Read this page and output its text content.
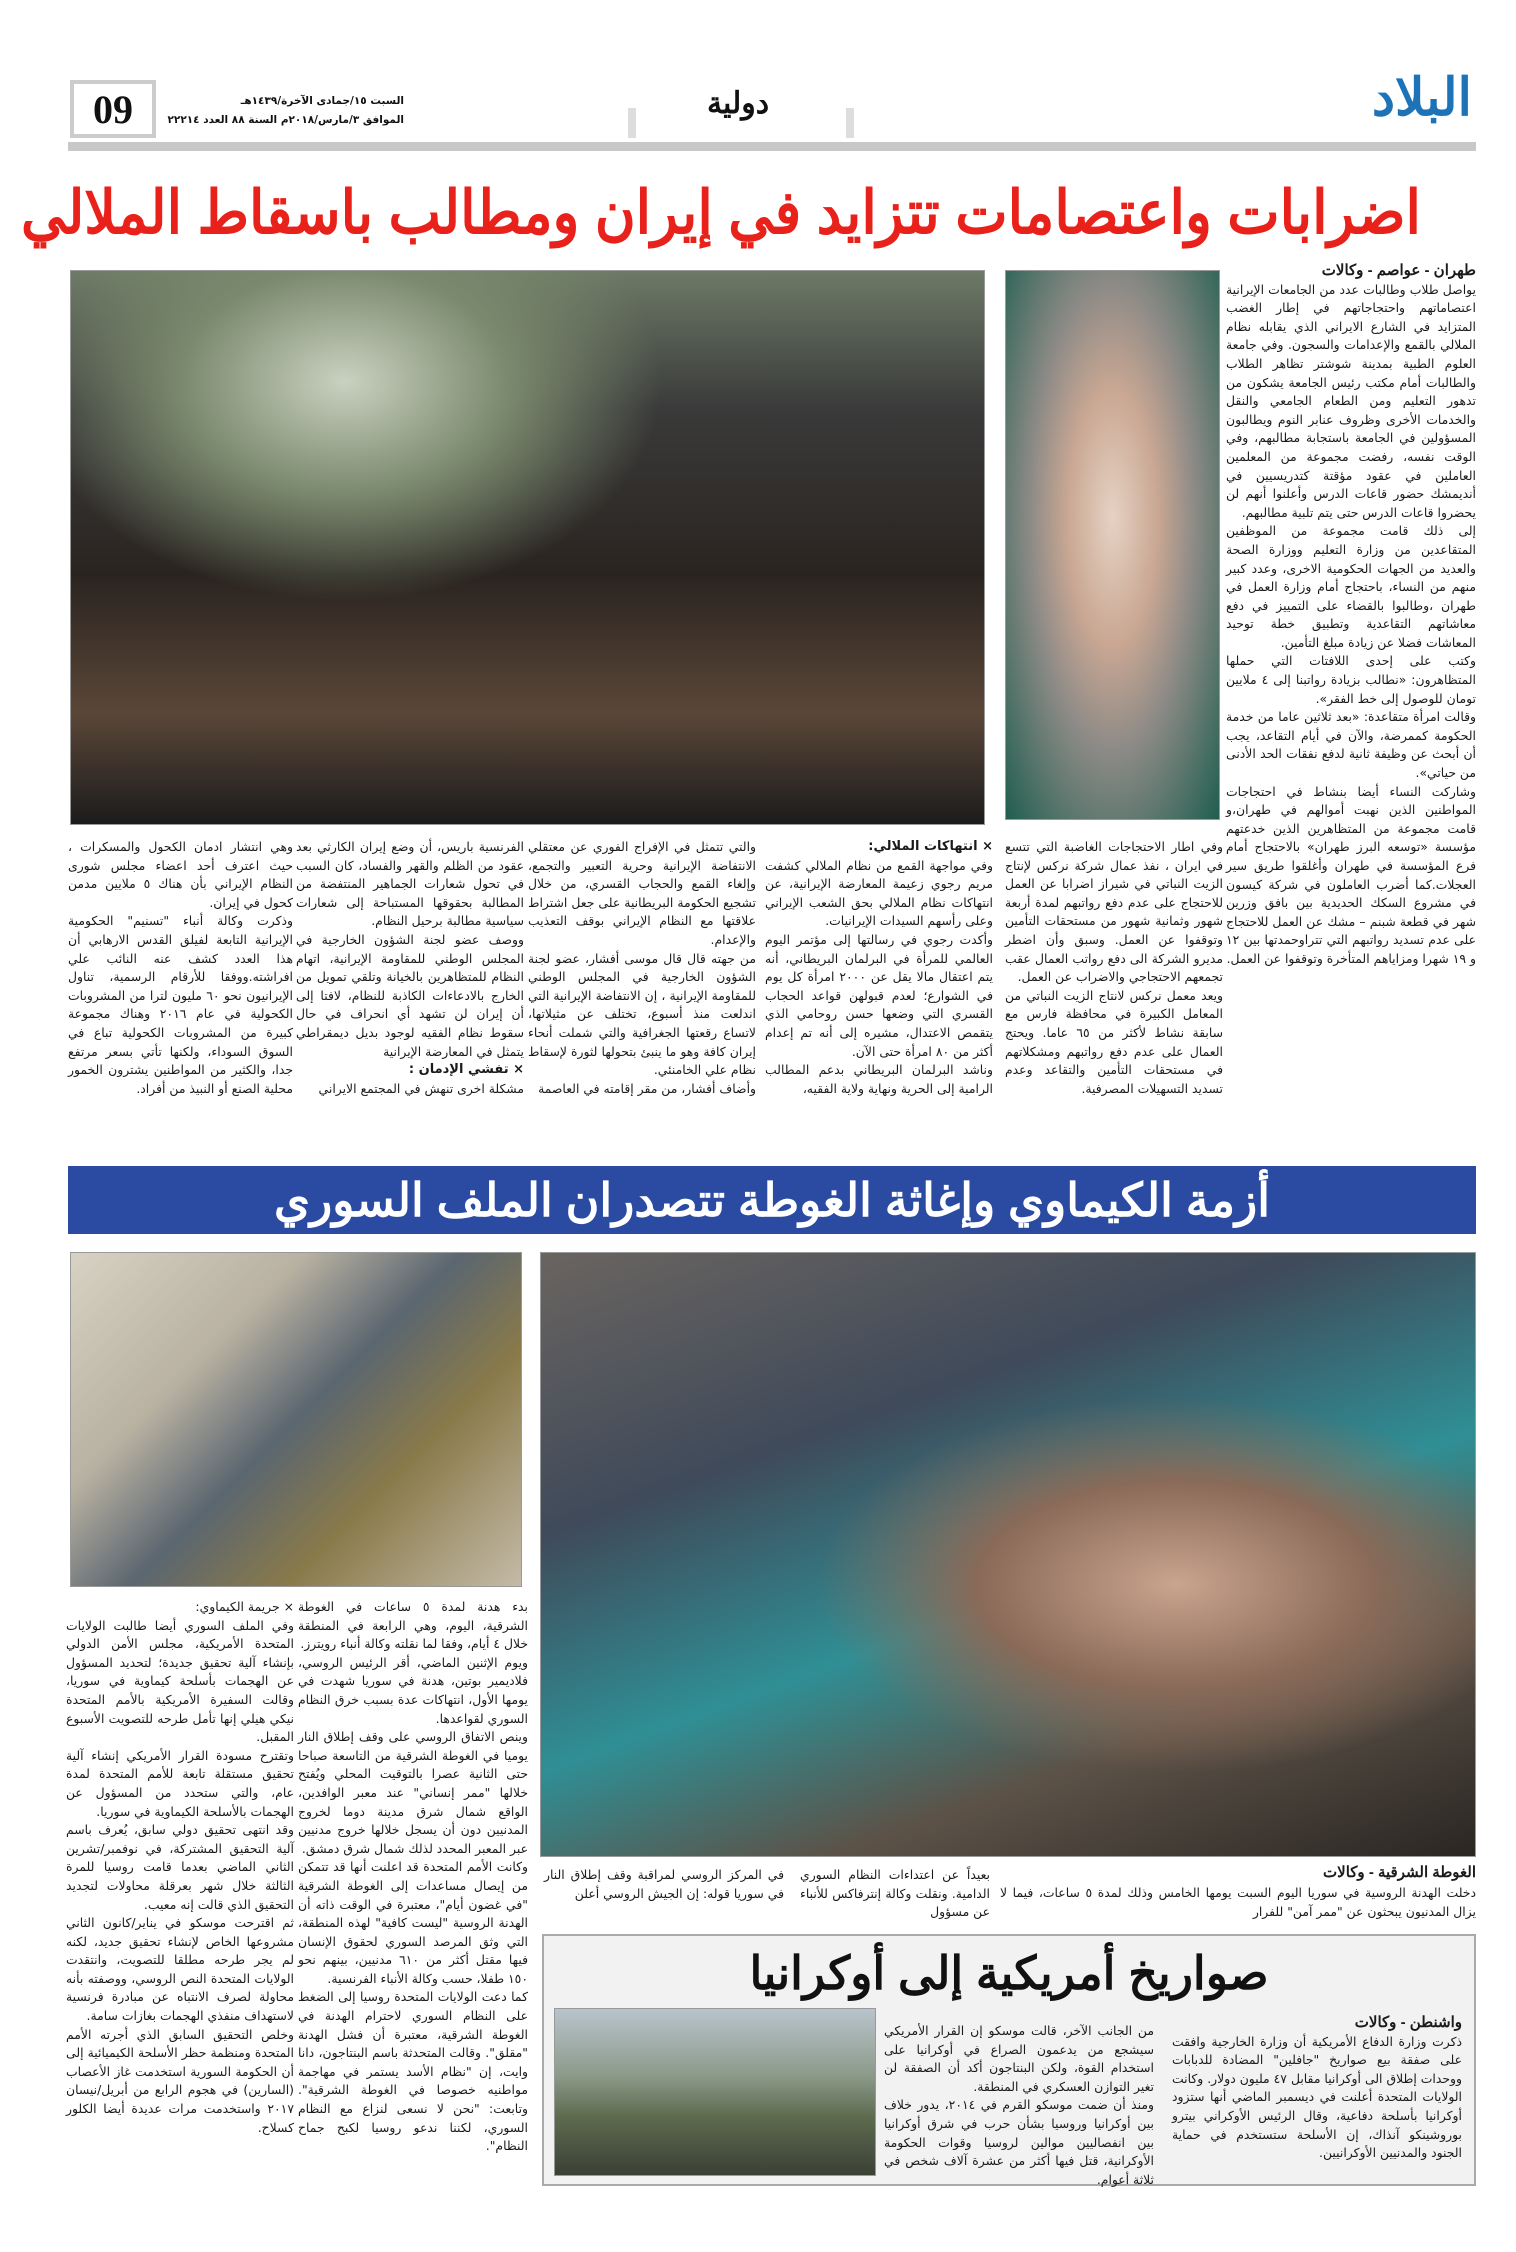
09	السبت ١٥/جمادى الآخرة/١٤٣٩هـ
الموافق ٣/مارس/٢٠١٨م السنة ٨٨ العدد ٢٢٢١٤	دولية	البلاد
اضرابات واعتصامات تتزايد في إيران ومطالب باسقاط الملالي
طهران - عواصم - وكالات

يواصل طلاب وطالبات عدد من الجامعات الإيرانية اعتصاماتهم واحتجاجاتهم في إطار الغضب المتزايد في الشارع الايراني الذي يقابله نظام الملالي بالقمع والإعدامات والسجون. وفي جامعة العلوم الطبية بمدينة شوشتر تظاهر الطلاب والطالبات أمام مكتب رئيس الجامعة يشكون من تدهور التعليم ومن الطعام الجامعي والنقل والخدمات الأخرى وظروف عنابر النوم ويطالبون المسؤولين في الجامعة باستجابة مطالبهم، وفي الوقت نفسه، رفضت مجموعة من المعلمين العاملين في عقود مؤقتة كتدريسيين في أنديمشك حضور قاعات الدرس وأعلنوا أنهم لن يحضروا قاعات الدرس حتى يتم تلبية مطالبهم.

إلى ذلك قامت مجموعة من الموظفين المتقاعدين من وزارة التعليم ووزارة الصحة والعديد من الجهات الحكومية الاخرى، وعدد كبير منهم من النساء، باحتجاج أمام وزارة العمل في طهران ،وطالبوا بالقضاء على التمييز في دفع معاشاتهم التقاعدية وتطبيق خطة توحيد المعاشات فضلا عن زيادة مبلغ التأمين.

وكتب على إحدى اللافتات التي حملها المتظاهرون: «نطالب بزيادة رواتبنا إلى ٤ ملايين تومان للوصول إلى خط الفقر».

وقالت امرأة متقاعدة: «بعد ثلاثين عاما من خدمة الحكومة كممرضة، والآن في أيام التقاعد، يجب أن أبحث عن وظيفة ثانية لدفع نفقات الحد الأدنى من حياتي».

وشاركت النساء أيضا بنشاط في احتجاجات المواطنين الذين نهبت أموالهم في طهران،و قامت مجموعة من المتظاهرين الذين خدعتهم مؤسسة «توسعه البرز طهران» بالاحتجاج أمام فرع المؤسسة في طهران وأغلقوا طريق سير العجلات.كما أضرب العاملون في شركة كيسون في مشروع السكك الحديدية بين بافق وزرين شهر في قطعة شبنم – مشك عن العمل للاحتجاج على عدم تسديد رواتبهم التي تتراوحمدتها بين ١٢ و ١٩ شهرا ومزاياهم المتأخرة وتوقفوا عن العمل.

وفي اطار الاحتجاجات الغاضبة التي تتسع في ايران ، نفذ عمال شركة نركس لإنتاج الزيت النباتي في شيراز اضرابا عن العمل للاحتجاج على عدم دفع رواتبهم لمدة أربعة شهور وثمانية شهور من مستحقات التأمين وتوقفوا عن العمل. وسبق وأن اضطر مديرو الشركة الى دفع رواتب العمال عقب تجمعهم الاحتجاجي والاضراب عن العمل.

ويعد معمل نركس لانتاج الزيت النباتي من المعامل الكبيرة في محافظة فارس مع سابقة نشاط لأكثر من ٦٥ عاما. ويحتج العمال على عدم دفع رواتبهم ومشكلاتهم في مستحقات التأمين والتقاعد وعدم تسديد التسهيلات المصرفية.

× انتهاكات الملالي:

وفي مواجهة القمع من نظام الملالي كشفت مريم رجوي زعيمة المعارضة الإيرانية، عن انتهاكات نظام الملالي بحق الشعب الإيراني وعلى رأسهم السيدات الإيرانيات.

وأكدت رجوي في رسالتها إلى مؤتمر اليوم العالمي للمرأة في البرلمان البريطاني، أنه يتم اعتقال مالا يقل عن ٢٠٠٠ امرأة كل يوم في الشوارع؛ لعدم قبولهن قواعد الحجاب القسري التي وضعها حسن روحامي الذي يتقمص الاعتدال، مشيره إلى أنه تم إعدام أكثر من ٨٠ امرأة حتى الآن.

وناشد البرلمان البريطاني بدعم المطالب الرامية إلى الحرية ونهاية ولاية الفقيه،

والتي تتمثل في الإفراج الفوري عن معتقلي الانتفاضة الإيرانية وحرية التعبير والتجمع، وإلغاء القمع والحجاب القسري، من خلال تشجيع الحكومة البريطانية على جعل اشتراط علاقتها مع النظام الإيراني بوقف التعذيب والإعدام.

من جهته قال قال موسى أفشار، عضو لجنة الشؤون الخارجية في المجلس الوطني للمقاومة الإيرانية ، إن الانتفاضة الإيرانية التي اندلعت منذ أسبوع، تختلف عن مثيلاتها، لاتساع رقعتها الجغرافية والتي شملت أنحاء إيران كافة وهو ما ينبئ بتحولها لثورة لإسقاط نظام علي الخامنئي.

وأضاف أفشار، من مقر إقامته في العاصمة

الفرنسية باريس، أن وضع إيران الكارثي بعد عقود من الظلم والقهر والفساد، كان السبب في تحول شعارات الجماهير المنتفضة من المطالبة بحقوقها المستباحة إلى شعارات سياسية مطالبة برحيل النظام.

ووصف عضو لجنة الشؤون الخارجية في المجلس الوطني للمقاومة الإيرانية، اتهام النظام للمتظاهرين بالخيانة وتلقي تمويل من الخارج بالادعاءات الكاذبة للنظام، لافتا إلى أن إيران لن تشهد أي انحراف في حال سقوط نظام الفقيه لوجود بديل ديمقراطي يتمثل في المعارضة الإيرانية

× تفشي الإدمان :

مشكلة اخرى تنهش في المجتمع الايراني

وهي انتشار ادمان الكحول والمسكرات ، حيث اعترف أحد اعضاء مجلس شورى النظام الإيراني بأن هناك ٥ ملايين مدمن كحول في إيران.

وذكرت وكالة أنباء "تسنيم" الحكومية الإيرانية التابعة لفيلق القدس الارهابي أن هذا العدد كشف عنه النائب علي افراشته.ووفقا للأرقام الرسمية، تناول الإيرانيون نحو ٦٠ مليون لترا من المشروبات الكحولية في عام ٢٠١٦ وهناك مجموعة كبيرة من المشروبات الكحولية تباع في السوق السوداء، ولكنها تأتي بسعر مرتفع جدا، والكثير من المواطنين يشترون الخمور محلية الصنع أو النبيذ من أفراد.

أزمة الكيماوي وإغاثة الغوطة تتصدران الملف السوري
الغوطة الشرقية - وكالات
دخلت الهدنة الروسية في سوريا اليوم السبت يومها الخامس وذلك لمدة ٥ ساعات، فيما لا يزال المدنيون يبحثون عن "ممر آمن" للفرار
بعيداً عن اعتداءات النظام السوري الدامية. ونقلت وكالة إنترفاكس للأنباء عن مسؤول
في المركز الروسي لمراقبة وقف إطلاق النار في سوريا قوله: إن الجيش الروسي أعلن

بدء هدنة لمدة ٥ ساعات في الغوطة الشرقية، اليوم، وهي الرابعة في المنطقة خلال ٤ أيام، وفقا لما نقلته وكالة أنباء رويترز.

ويوم الإثنين الماضي، أقر الرئيس الروسي، فلاديمير بوتين، هدنة في سوريا شهدت في يومها الأول، انتهاكات عدة بسبب خرق النظام السوري لقواعدها.

وينص الاتفاق الروسي على وقف إطلاق النار يوميا في الغوطة الشرقية من التاسعة صباحا حتى الثانية عصرا بالتوقيت المحلي ويُفتح خلالها "ممر إنساني" عند معبر الوافدين، الواقع شمال شرق مدينة دوما لخروج المدنيين دون أن يسجل خلالها خروج مدنيين عبر المعبر المحدد لذلك شمال شرق دمشق.

وكانت الأمم المتحدة قد اعلنت أنها قد تتمكن من إيصال مساعدات إلى الغوطة الشرقية "في غضون أيام"، معتبرة في الوقت ذاته أن الهدنة الروسية "ليست كافية" لهذه المنطقة، التي وثق المرصد السوري لحقوق الإنسان فيها مقتل أكثر من ٦١٠ مدنيين، بينهم نحو ١٥٠ طفلا، حسب وكالة الأنباء الفرنسية.

كما دعت الولايات المتحدة روسيا إلى الضغط على النظام السوري لاحترام الهدنة في الغوطة الشرقية، معتبرة أن فشل الهدنة "مقلق". وقالت المتحدثة باسم البنتاجون، دانا وايت، إن "نظام الأسد يستمر في مهاجمة مواطنيه خصوصا في الغوطة الشرقية". وتابعت: "نحن لا نسعى لنزاع مع النظام السوري، لكننا ندعو روسيا لكبح جماح النظام".

× جريمة الكيماوي:

وفي الملف السوري أيضا طالبت الولايات المتحدة الأمريكية، مجلس الأمن الدولي بإنشاء آلية تحقيق جديدة؛ لتحديد المسؤول عن الهجمات بأسلحة كيماوية في سوريا، وقالت السفيرة الأمريكية بالأمم المتحدة نيكي هيلي إنها تأمل طرحه للتصويت الأسبوع المقبل.

وتقترح مسودة القرار الأمريكي إنشاء آلية تحقيق مستقلة تابعة للأمم المتحدة لمدة عام، والتي ستحدد من المسؤول عن الهجمات بالأسلحة الكيماوية في سوريا.

وقد انتهى تحقيق دولي سابق، يُعرف باسم آلية التحقيق المشتركة، في نوفمبر/تشرين الثاني الماضي بعدما قامت روسيا للمرة الثالثة خلال شهر بعرقلة محاولات لتجديد التحقيق الذي قالت إنه معيب.

ثم اقترحت موسكو في يناير/كانون الثاني مشروعها الخاص لإنشاء تحقيق جديد، لكنه لم يجر طرحه مطلقا للتصويت، وانتقدت الولايات المتحدة النص الروسي، ووصفته بأنه محاولة لصرف الانتباه عن مبادرة فرنسية لاستهداف منفذي الهجمات بغازات سامة.

وخلص التحقيق السابق الذي أجرته الأمم المتحدة ومنظمة حظر الأسلحة الكيميائية إلى أن الحكومة السورية استخدمت غاز الأعصاب (السارين) في هجوم الرابع من أبريل/نيسان ٢٠١٧ واستخدمت مرات عديدة أيضا الكلور كسلاح.

صواريخ أمريكية إلى أوكرانيا
واشنطن - وكالات

ذكرت وزارة الدفاع الأمريكية أن وزارة الخارجية وافقت على صفقة بيع صواريخ "جافلين" المضادة للدبابات ووحدات إطلاق الى أوكرانيا مقابل ٤٧ مليون دولار. وكانت الولايات المتحدة أعلنت في ديسمبر الماضي أنها ستزود أوكرانيا بأسلحة دفاعية، وقال الرئيس الأوكراني بيترو بوروشينكو آنذاك، إن الأسلحة ستستخدم في حماية الجنود والمدنيين الأوكرانيين.

من الجانب الآخر، قالت موسكو إن القرار الأمريكي سيشجع من يدعمون الصراع في أوكرانيا على استخدام القوة، ولكن البنتاجون أكد أن الصفقة لن تغير التوازن العسكري في المنطقة.

ومنذ أن ضمت موسكو القرم في ٢٠١٤، يدور خلاف بين أوكرانيا وروسيا بشأن حرب في شرق أوكرانيا بين انفصاليين موالين لروسيا وقوات الحكومة الأوكرانية، قتل فيها أكثر من عشرة آلاف شخص في ثلاثة أعوام.
